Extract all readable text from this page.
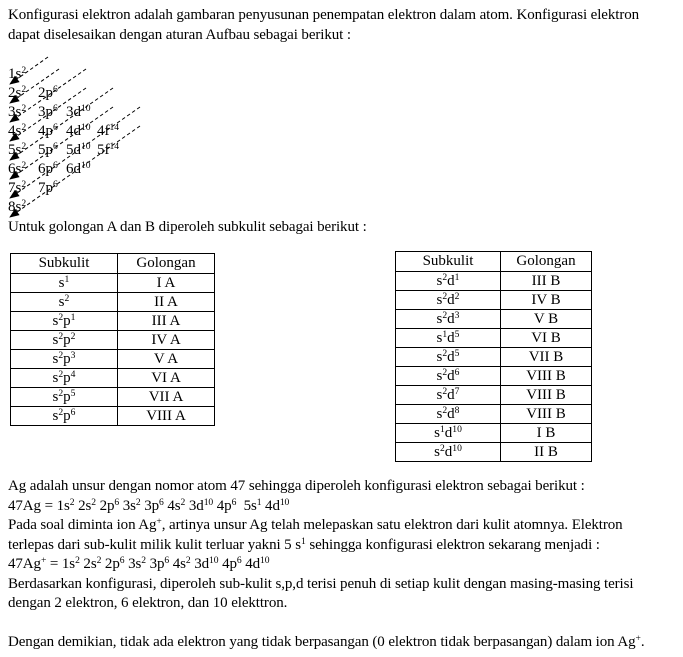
Konfigurasi elektron adalah gambaran penyusunan penempatan elektron dalam atom. Konfigurasi elektron
dapat diselesaikan dengan aturan Aufbau sebagai berikut :
$1s^2$
$2s^2$ $2p^6$
$3s^2$ $3p^6$ $3d^{10}$
$4s^2$ $4p^6$ $4d^{10}$ $4f^{14}$
$5s^2$ $5p^6$ $5d^{10}$ $5f^{14}$
$6s^2$ $6p^6$ $6d^{10}$
$7s^2$ $7p^6$
$8s^2$
Untuk golongan A dan B diperoleh subkulit sebagai berikut :
Subkulit	Golongan
$s^1$	I A
$s^2$	II A
$s^2p^1$	III A
$s^2p^2$	IV A
$s^2p^3$	V A
$s^2p^4$	VI A
$s^2p^5$	VII A
$s^2p^6$	VIII A
Subkulit	Golongan
$s^2d^1$	III B
$s^2d^2$	IV B
$s^2d^3$	V B
$s^1d^5$	VI B
$s^2d^5$	VII B
$s^2d^6$	VIII B
$s^2d^7$	VIII B
$s^2d^8$	VIII B
$s^1d^{10}$	I B
$s^2d^{10}$	II B
Ag adalah unsur dengan nomor atom 47 sehingga diperoleh konfigurasi elektron sebagai berikut :
$47Ag = 1s^2$ $2s^2$ $2p^6$ $3s^2$ $3p^6$ $4s^2$ $3d^{10}$ $4p^6$  $5s^1$ $4d^{10}$
Pada soal diminta ion Ag+, artinya unsur Ag telah melepaskan satu elektron dari kulit atomnya. Elektron
terlepas dari sub-kulit milik kulit terluar yakni 5 $s^1$ sehingga konfigurasi elektron sekarang menjadi :
$47Ag^+ = 1s^2$ $2s^2$ $2p^6$ $3s^2$ $3p^6$ $4s^2$ $3d^{10}$ $4p^6$ $4d^{10}$
Berdasarkan konfigurasi, diperoleh sub-kulit s,p,d terisi penuh di setiap kulit dengan masing-masing terisi
dengan 2 elektron, 6 elektron, dan 10 elekttron.
Dengan demikian, tidak ada elektron yang tidak berpasangan (0 elektron tidak berpasangan) dalam ion Ag+.
